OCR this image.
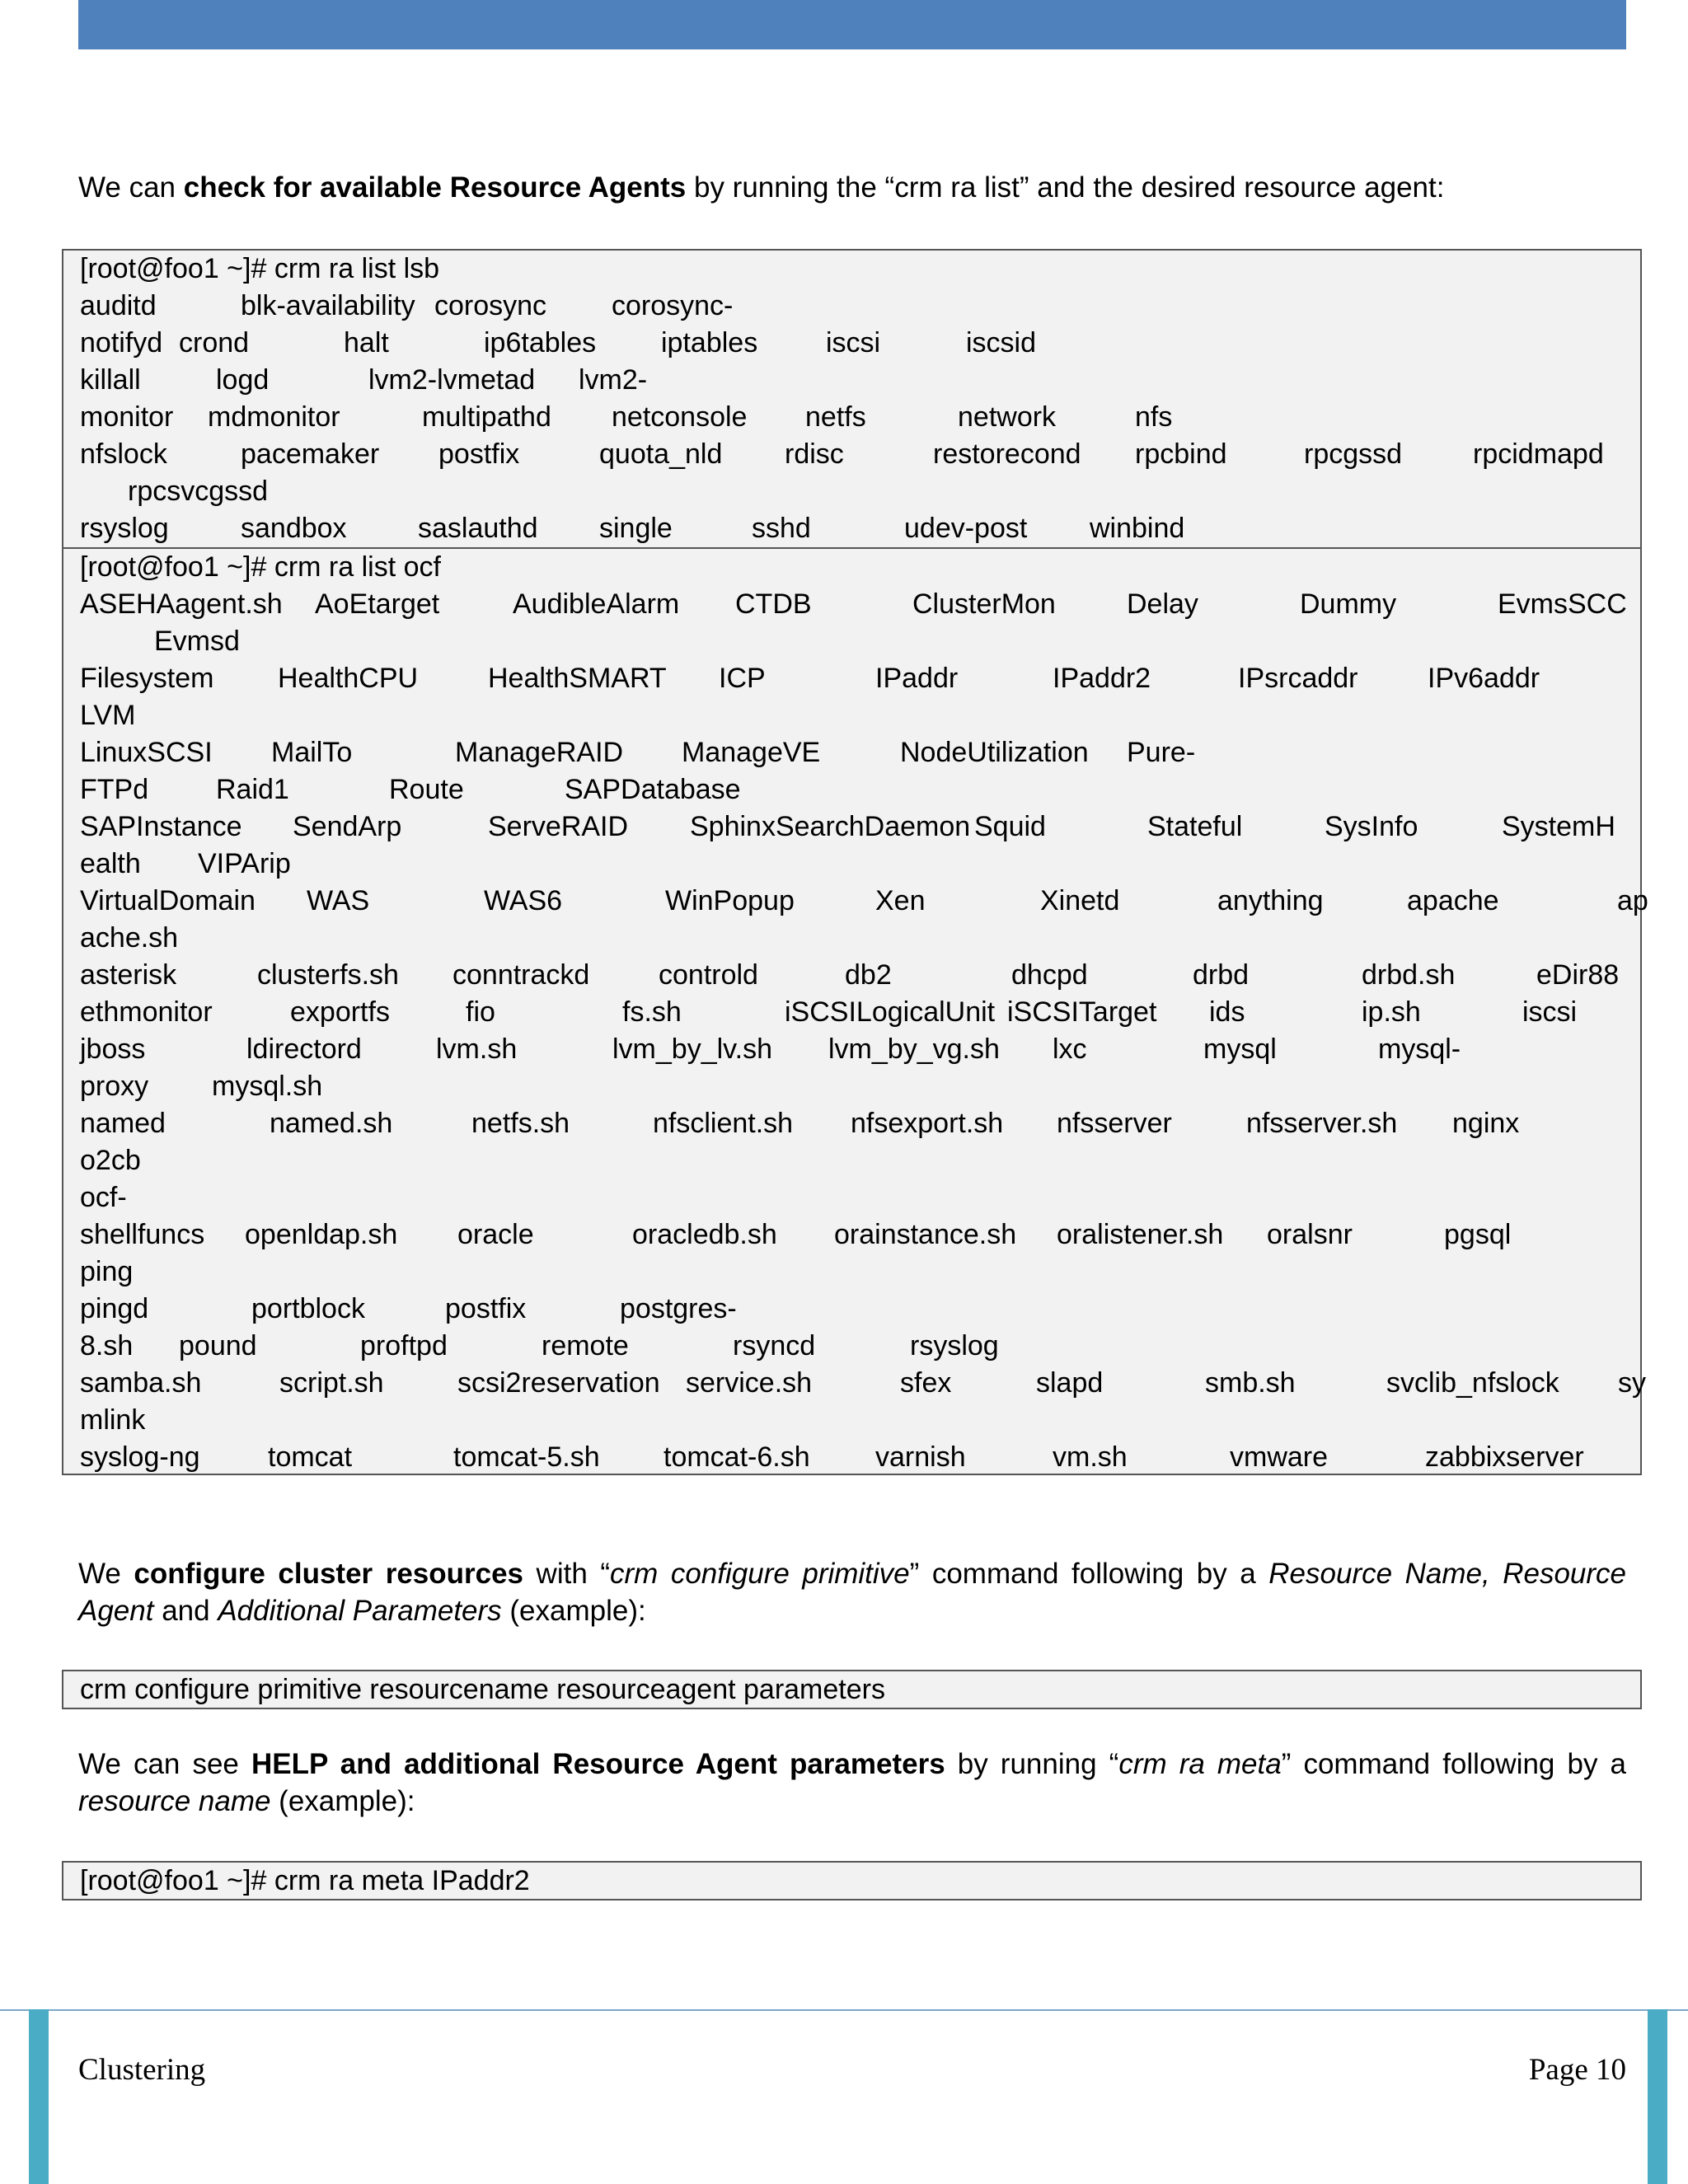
We can check for available Resource Agents by running the “crm ra list” and the desired resource agent:

[root@foo1 ~]# crm ra list lsb
auditd	blk-availability corosync corosync-
notifyd crond	halt	ip6tables iptables iscsi	iscsid
killall	logd	lvm2-lvmetad lvm2-
monitor mdmonitor	multipathd netconsole netfs	network	nfs
nfslock	pacemaker postfix	quota_nld rdisc	restorecond rpcbind	rpcgssd	rpcidmapd
rpcsvcgssd
rsyslog	sandbox	saslauthd single	sshd	udev-post winbind
[root@foo1 ~]# crm ra list ocf
ASEHAagent.sh AoEtarget	AudibleAlarm CTDB	ClusterMon	Delay	Dummy	EvmsSCC
Evmsd
Filesystem HealthCPU HealthSMART ICP	IPaddr	IPaddr2	IPsrcaddr IPv6addr
LVM
LinuxSCSI MailTo	ManageRAID ManageVE	NodeUtilization Pure-
FTPd Raid1	Route	SAPDatabase
SAPInstance SendArp	ServeRAID SphinxSearchDaemon Squid	Stateful	SysInfo	SystemH
ealth VIPArip
VirtualDomain WAS	WAS6	WinPopup	Xen	Xinetd	anything	apache	ap
ache.sh
asterisk	clusterfs.sh conntrackd controld	db2	dhcpd	drbd	drbd.sh	eDir88
ethmonitor	exportfs	fio	fs.sh	iSCSILogicalUnit iSCSITarget ids	ip.sh	iscsi
jboss	ldirectord	lvm.sh	lvm_by_lv.sh lvm_by_vg.sh lxc	mysql	mysql-
proxy mysql.sh
named	named.sh	netfs.sh	nfsclient.sh nfsexport.sh nfsserver	nfsserver.sh nginx
o2cb
ocf-
shellfuncs openldap.sh oracle	oracledb.sh orainstance.sh oralistener.sh oralsnr	pgsql
ping
pingd	portblock	postfix	postgres-
8.sh pound	proftpd	remote	rsyncd	rsyslog
samba.sh	script.sh	scsi2reservation service.sh	sfex	slapd	smb.sh	svclib_nfslock sy
mlink
syslog-ng tomcat	tomcat-5.sh tomcat-6.sh varnish	vm.sh	vmware	zabbixserver

We configure cluster resources with “crm configure primitive” command following by a Resource Name, Resource Agent and Additional Parameters (example):

crm configure primitive resourcename resourceagent parameters

We can see HELP and additional Resource Agent parameters by running “crm ra meta” command following by a resource name (example):

[root@foo1 ~]# crm ra meta IPaddr2
Clustering	Page 10
